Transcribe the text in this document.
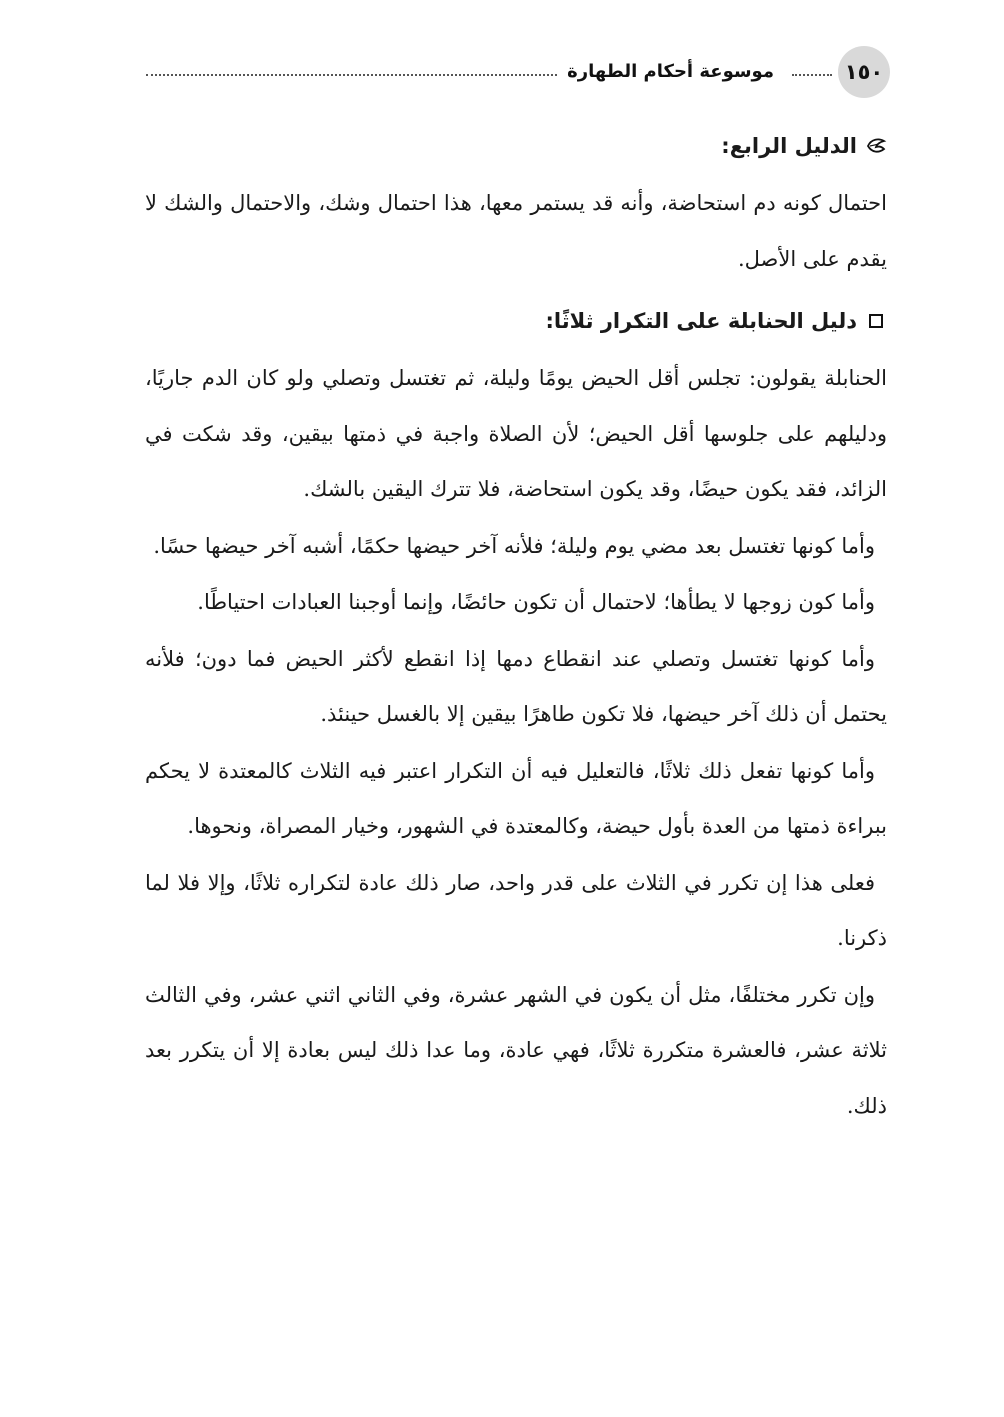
١٥٠
موسوعة أحكام الطهارة
الدليل الرابع:

احتمال كونه دم استحاضة، وأنه قد يستمر معها، هذا احتمال وشك، والاحتمال والشك لا يقدم على الأصل.

دليل الحنابلة على التكرار ثلاثًا:

الحنابلة يقولون: تجلس أقل الحيض يومًا وليلة، ثم تغتسل وتصلي ولو كان الدم جاريًا، ودليلهم على جلوسها أقل الحيض؛ لأن الصلاة واجبة في ذمتها بيقين، وقد شكت في الزائد، فقد يكون حيضًا، وقد يكون استحاضة، فلا تترك اليقين بالشك.

وأما كونها تغتسل بعد مضي يوم وليلة؛ فلأنه آخر حيضها حكمًا، أشبه آخر حيضها حسًا.

وأما كون زوجها لا يطأها؛ لاحتمال أن تكون حائضًا، وإنما أوجبنا العبادات احتياطًا.

وأما كونها تغتسل وتصلي عند انقطاع دمها إذا انقطع لأكثر الحيض فما دون؛ فلأنه يحتمل أن ذلك آخر حيضها، فلا تكون طاهرًا بيقين إلا بالغسل حينئذ.

وأما كونها تفعل ذلك ثلاثًا، فالتعليل فيه أن التكرار اعتبر فيه الثلاث كالمعتدة لا يحكم ببراءة ذمتها من العدة بأول حيضة، وكالمعتدة في الشهور، وخيار المصراة، ونحوها.

فعلى هذا إن تكرر في الثلاث على قدر واحد، صار ذلك عادة لتكراره ثلاثًا، وإلا فلا لما ذكرنا.

وإن تكرر مختلفًا، مثل أن يكون في الشهر عشرة، وفي الثاني اثني عشر، وفي الثالث ثلاثة عشر، فالعشرة متكررة ثلاثًا، فهي عادة، وما عدا ذلك ليس بعادة إلا أن يتكرر بعد ذلك.
